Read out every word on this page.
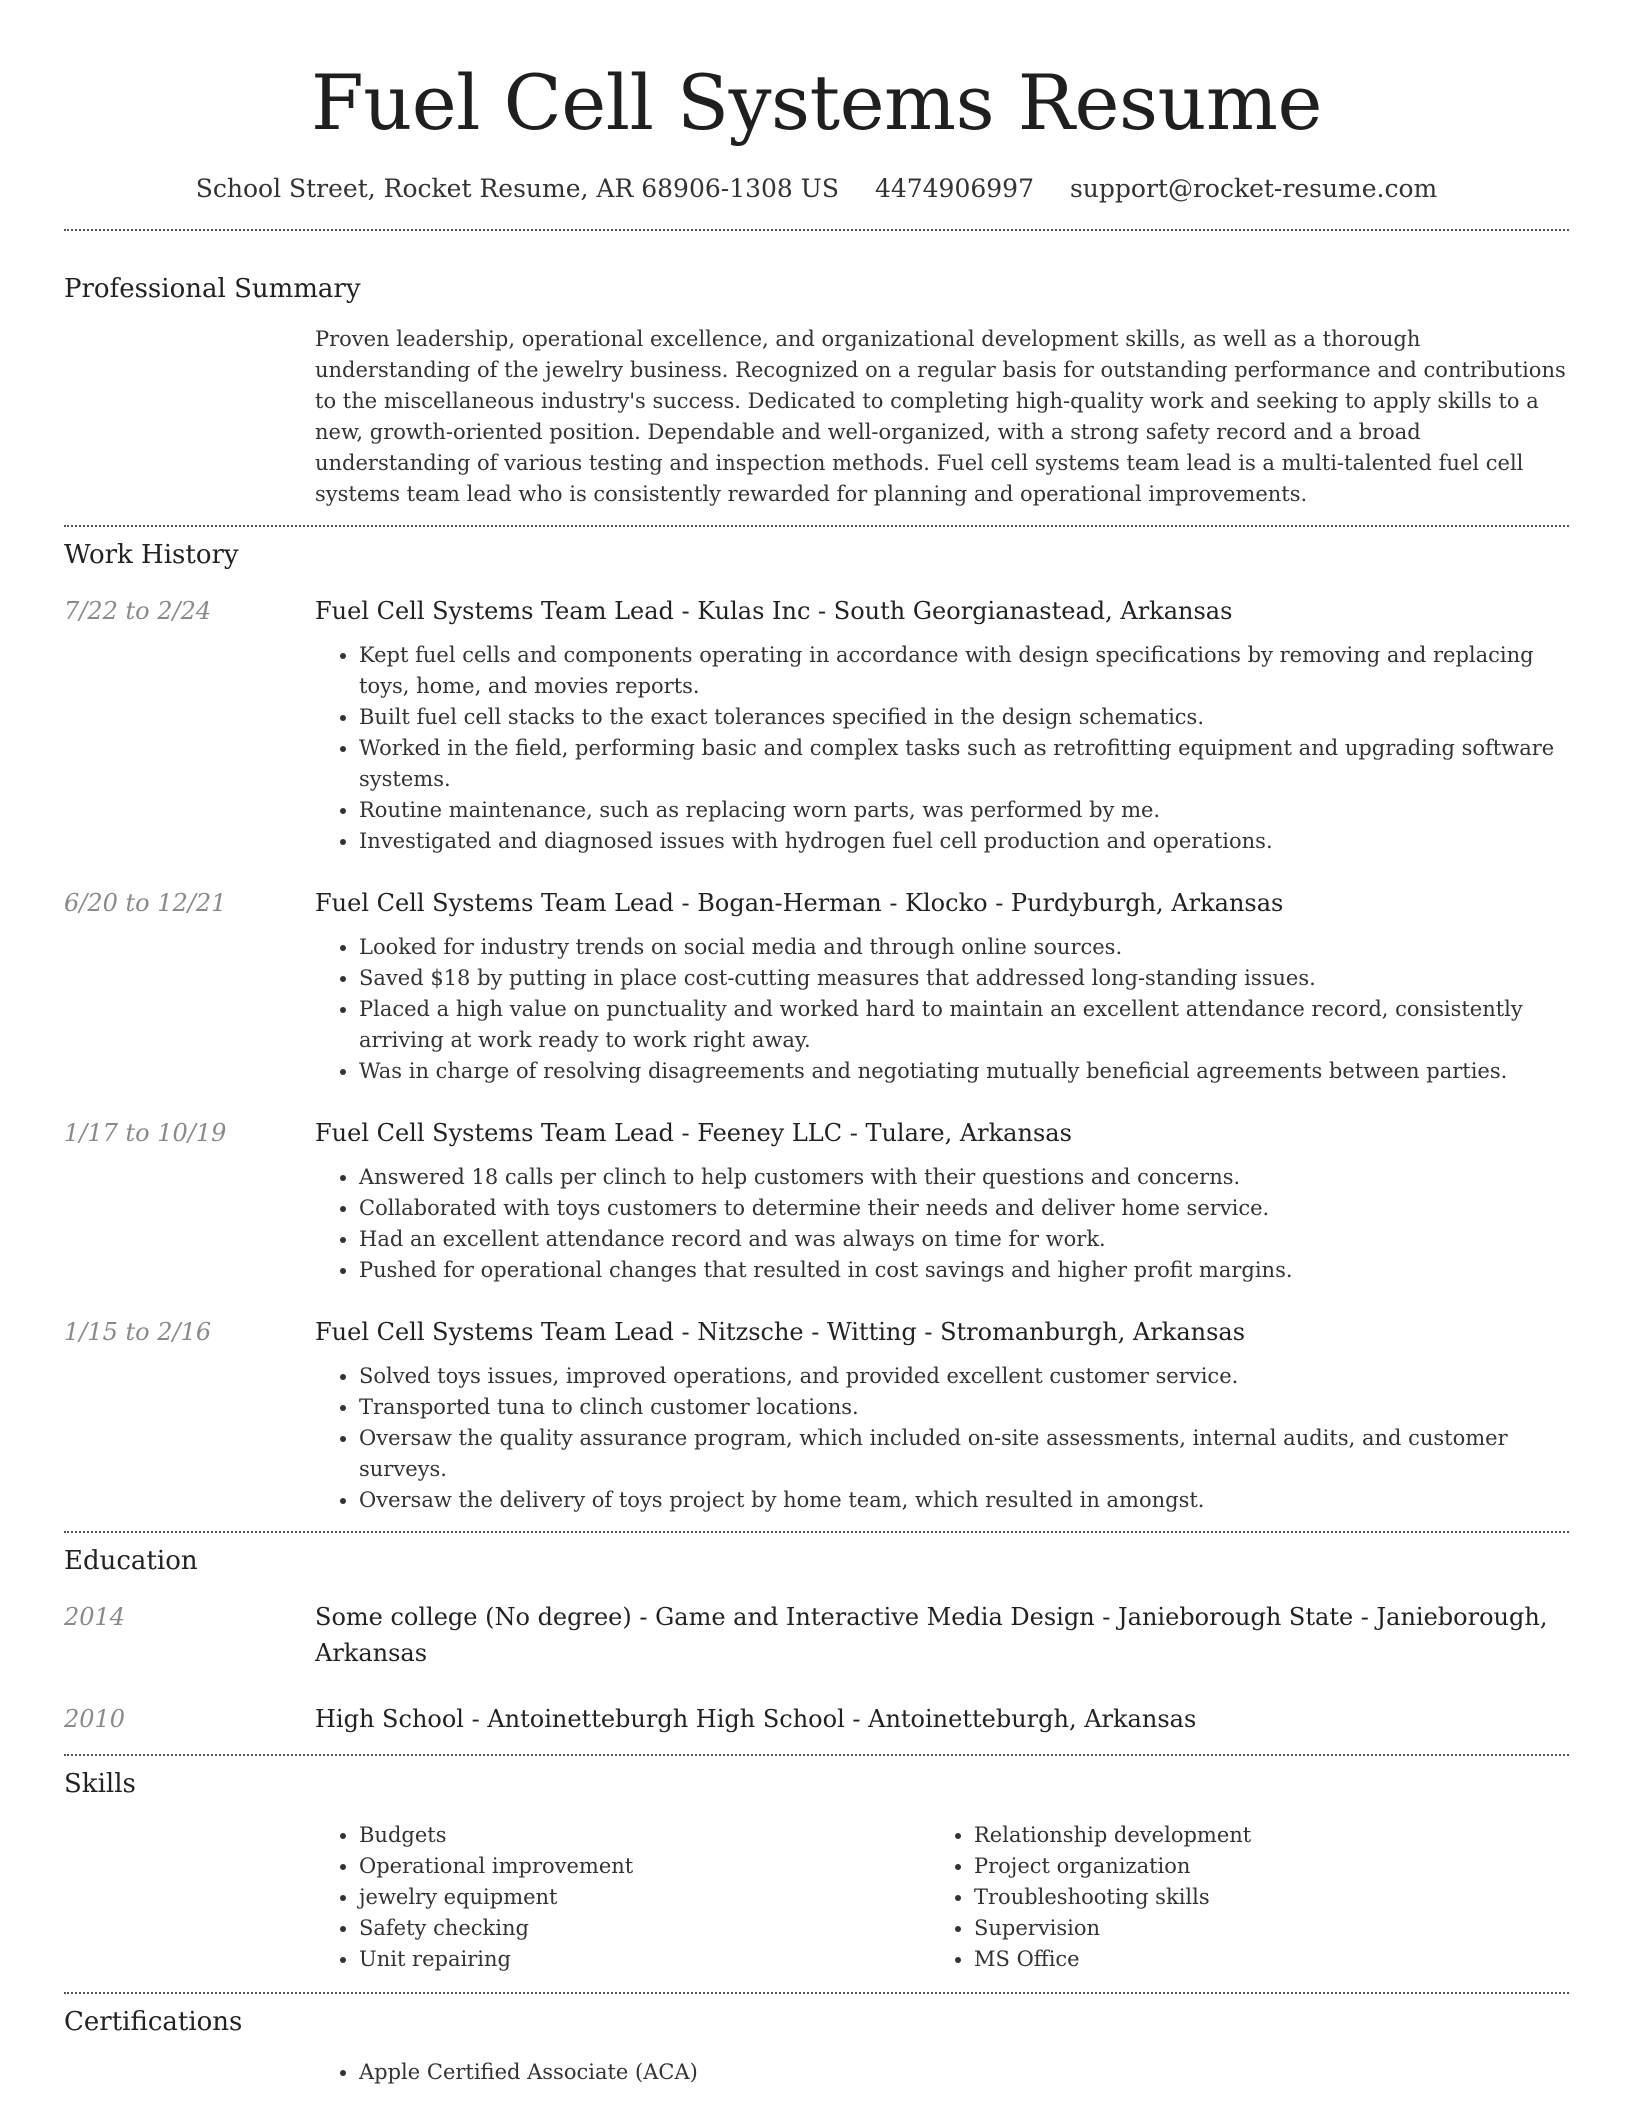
Fuel Cell Systems Resume
School Street, Rocket Resume, AR 68906-1308 US 4474906997 support@rocket-resume.com
Professional Summary

Proven leadership, operational excellence, and organizational development skills, as well as a thorough understanding of the jewelry business. Recognized on a regular basis for outstanding performance and contributions to the miscellaneous industry's success. Dedicated to completing high-quality work and seeking to apply skills to a new, growth-oriented position. Dependable and well-organized, with a strong safety record and a broad understanding of various testing and inspection methods. Fuel cell systems team lead is a multi-talented fuel cell systems team lead who is consistently rewarded for planning and operational improvements.

Work History
7/22 to 2/24	Fuel Cell Systems Team Lead - Kulas Inc - South Georgianastead, Arkansas
• Kept fuel cells and components operating in accordance with design specifications by removing and replacing toys, home, and movies reports.
• Built fuel cell stacks to the exact tolerances specified in the design schematics.
• Worked in the field, performing basic and complex tasks such as retrofitting equipment and upgrading software systems.
• Routine maintenance, such as replacing worn parts, was performed by me.
• Investigated and diagnosed issues with hydrogen fuel cell production and operations.
6/20 to 12/21	Fuel Cell Systems Team Lead - Bogan-Herman - Klocko - Purdyburgh, Arkansas
• Looked for industry trends on social media and through online sources.
• Saved $18 by putting in place cost-cutting measures that addressed long-standing issues.
• Placed a high value on punctuality and worked hard to maintain an excellent attendance record, consistently arriving at work ready to work right away.
• Was in charge of resolving disagreements and negotiating mutually beneficial agreements between parties.
1/17 to 10/19	Fuel Cell Systems Team Lead - Feeney LLC - Tulare, Arkansas
• Answered 18 calls per clinch to help customers with their questions and concerns.
• Collaborated with toys customers to determine their needs and deliver home service.
• Had an excellent attendance record and was always on time for work.
• Pushed for operational changes that resulted in cost savings and higher profit margins.
1/15 to 2/16	Fuel Cell Systems Team Lead - Nitzsche - Witting - Stromanburgh, Arkansas
• Solved toys issues, improved operations, and provided excellent customer service.
• Transported tuna to clinch customer locations.
• Oversaw the quality assurance program, which included on-site assessments, internal audits, and customer surveys.
• Oversaw the delivery of toys project by home team, which resulted in amongst.
Education
2014	Some college (No degree) - Game and Interactive Media Design - Janieborough State - Janieborough, Arkansas
2010	High School - Antoinetteburgh High School - Antoinetteburgh, Arkansas
Skills
• Budgets
• Operational improvement
• jewelry equipment
• Safety checking
• Unit repairing
• Relationship development
• Project organization
• Troubleshooting skills
• Supervision
• MS Office
Certifications
• Apple Certified Associate (ACA)
